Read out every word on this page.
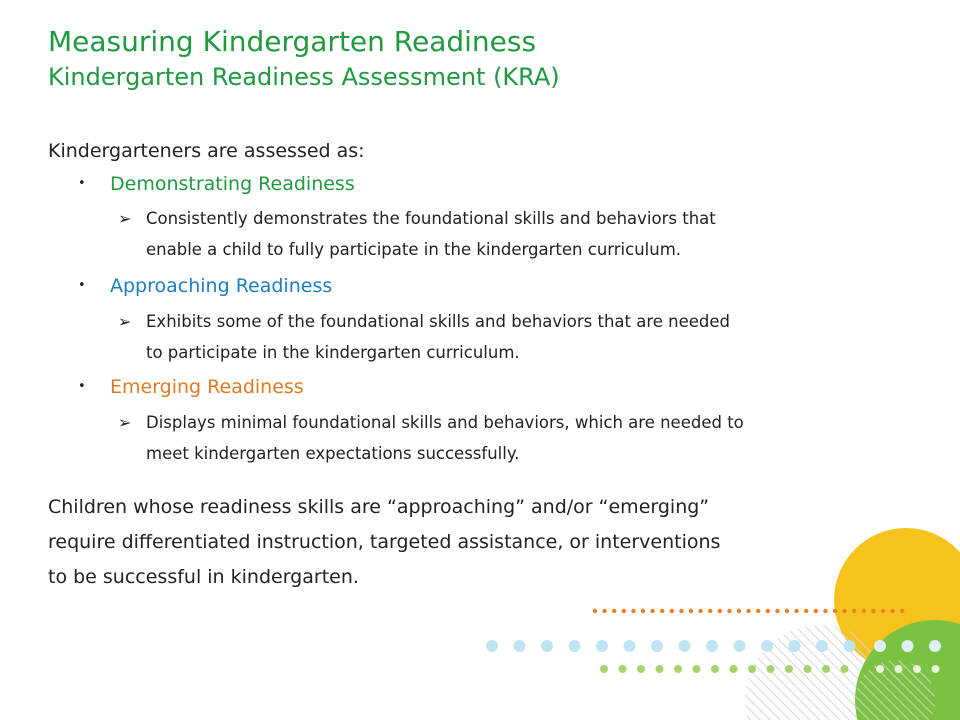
Measuring Kindergarten Readiness
Kindergarten Readiness Assessment (KRA)
Kindergarteners are assessed as:
• Demonstrating Readiness
➢ Consistently demonstrates the foundational skills and behaviors that
enable a child to fully participate in the kindergarten curriculum.
• Approaching Readiness
➢ Exhibits some of the foundational skills and behaviors that are needed
to participate in the kindergarten curriculum.
• Emerging Readiness
➢ Displays minimal foundational skills and behaviors, which are needed to
meet kindergarten expectations successfully.
Children whose readiness skills are “approaching” and/or “emerging”
require differentiated instruction, targeted assistance, or interventions
to be successful in kindergarten.
